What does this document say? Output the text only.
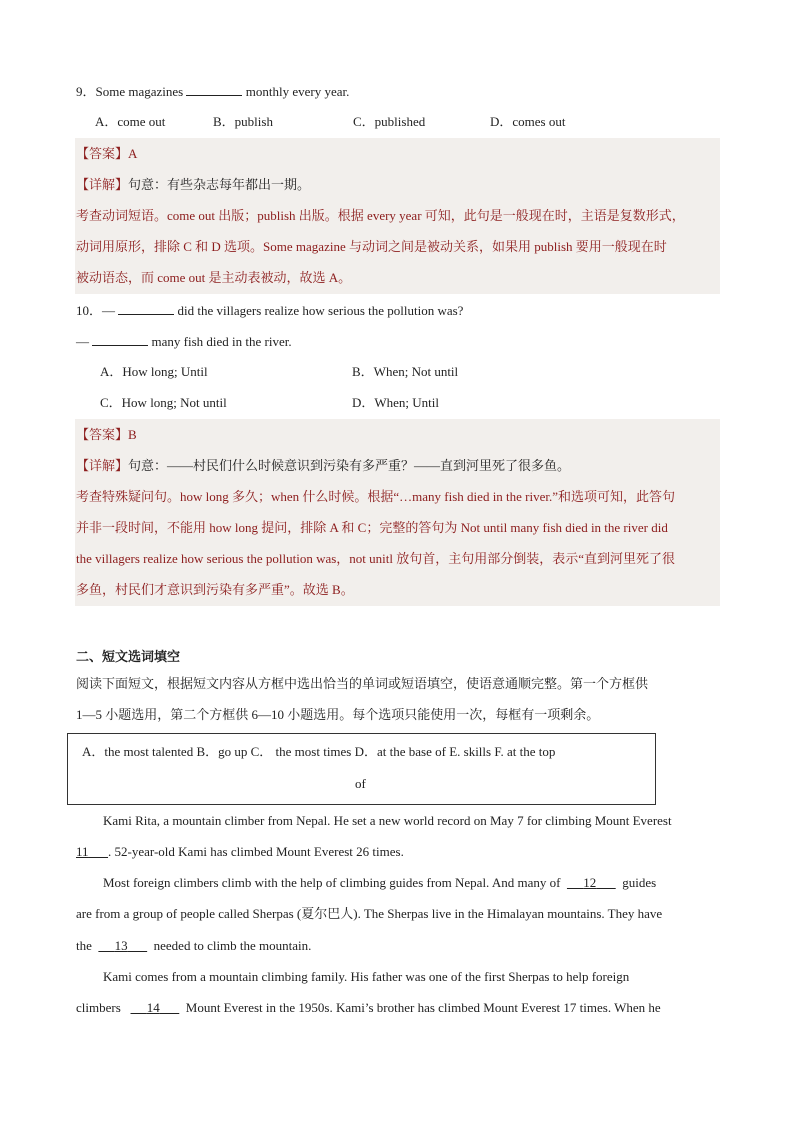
9．Some magazines	monthly every year.
A．come out	B．publish	C．published	D．comes out
【答案】A
【详解】句意：有些杂志每年都出一期。
考查动词短语。come out 出版；publish 出版。根据 every year 可知，此句是一般现在时，主语是复数形式，
动词用原形，排除 C 和 D 选项。Some magazine 与动词之间是被动关系，如果用 publish 要用一般现在时
被动语态，而 come out 是主动表被动，故选 A。
10．—	did the villagers realize how serious the pollution was?
—	many fish died in the river.
A．How long; Until	B．When; Not until
C．How long; Not until	D．When; Until
【答案】B
【详解】句意：——村民们什么时候意识到污染有多严重？——直到河里死了很多鱼。
考查特殊疑问句。how long 多久；when 什么时候。根据“…many fish died in the river.”和选项可知，此答句
并非一段时间，不能用 how long 提问，排除 A 和 C；完整的答句为 Not until many fish died in the river did
the villagers realize how serious the pollution was，not unitl 放句首，主句用部分倒装，表示“直到河里死了很
多鱼，村民们才意识到污染有多严重”。故选 B。
二、短文选词填空
阅读下面短文，根据短文内容从方框中选出恰当的单词或短语填空，使语意通顺完整。第一个方框供
1—5 小题选用，第二个方框供 6—10 小题选用。每个选项只能使用一次，每框有一项剩余。
A．the most talented B．go up C． the most times D．at the base of E. skills F. at the top
of
Kami Rita, a mountain climber from Nepal. He set a new world record on May 7 for climbing Mount Everest
11 . 52-year-old Kami has climbed Mount Everest 26 times.
Most foreign climbers climb with the help of climbing guides from Nepal. And many of 12 guides
are from a group of people called Sherpas (夏尔巴人). The Sherpas live in the Himalayan mountains. They have
the 13 needed to climb the mountain.
Kami comes from a mountain climbing family. His father was one of the first Sherpas to help foreign
climbers 14 Mount Everest in the 1950s. Kami’s brother has climbed Mount Everest 17 times. When he
